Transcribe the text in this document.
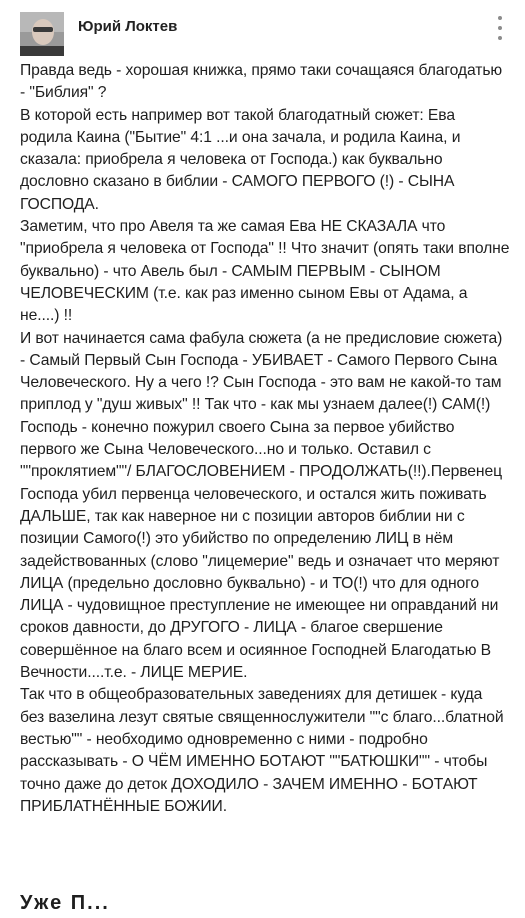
Юрий Локтев

Правда ведь - хорошая книжка, прямо таки сочащаяся благодатью - "Библия" ?

В которой есть например вот такой благодатный сюжет: Ева родила Каина ("Бытие" 4:1 ...и она зачала, и родила Каина, и сказала: приобрела я человека от Господа.) как буквально дословно сказано в библии - САМОГО ПЕРВОГО (!) - СЫНА ГОСПОДА.

Заметим, что про Авеля та же самая Ева НЕ СКАЗАЛА что "приобрела я человека от Господа" !! Что значит (опять таки вполне буквально) - что Авель был - САМЫМ ПЕРВЫМ - СЫНОМ ЧЕЛОВЕЧЕСКИМ (т.е. как раз именно сыном Евы от Адама, а не....) !!

И вот начинается сама фабула сюжета (а не предисловие сюжета) - Самый Первый Сын Господа - УБИВАЕТ - Самого Первого Сына Человеческого. Ну а чего !? Сын Господа - это вам не какой-то там приплод у "душ живых" !! Так что - как мы узнаем далее(!) САМ(!) Господь - конечно пожурил своего Сына за первое убийство первого же Сына Человеческого...но и только. Оставил с ""проклятием""/ БЛАГОСЛОВЕНИЕМ - ПРОДОЛЖАТЬ(!!).Первенец Господа убил первенца человеческого, и остался жить поживать ДАЛЬШЕ, так как наверное ни с позиции авторов библии ни с позиции Самого(!) это убийство по определению ЛИЦ в нём задействованных (слово "лицемерие" ведь и означает что меряют ЛИЦА (предельно дословно буквально) - и ТО(!) что для одного ЛИЦА - чудовищное преступление не имеющее ни оправданий ни сроков давности, до ДРУГОГО - ЛИЦА - благое свершение совершённое на благо всем и осиянное Господней Благодатью В Вечности....т.е. - ЛИЦЕ МЕРИЕ.

Так что в общеобразовательных заведениях для детишек - куда без вазелина лезут святые священнослужители ""с благо...блатной вестью"" - необходимо одновременно с ними - подробно рассказывать - О ЧЁМ ИМЕННО БОТАЮТ ""БАТЮШКИ"" - чтобы точно даже до деток ДОХОДИЛО - ЗАЧЕМ ИМЕННО - БОТАЮТ ПРИБЛАТНЁННЫЕ БОЖИИ.

Уже П...
